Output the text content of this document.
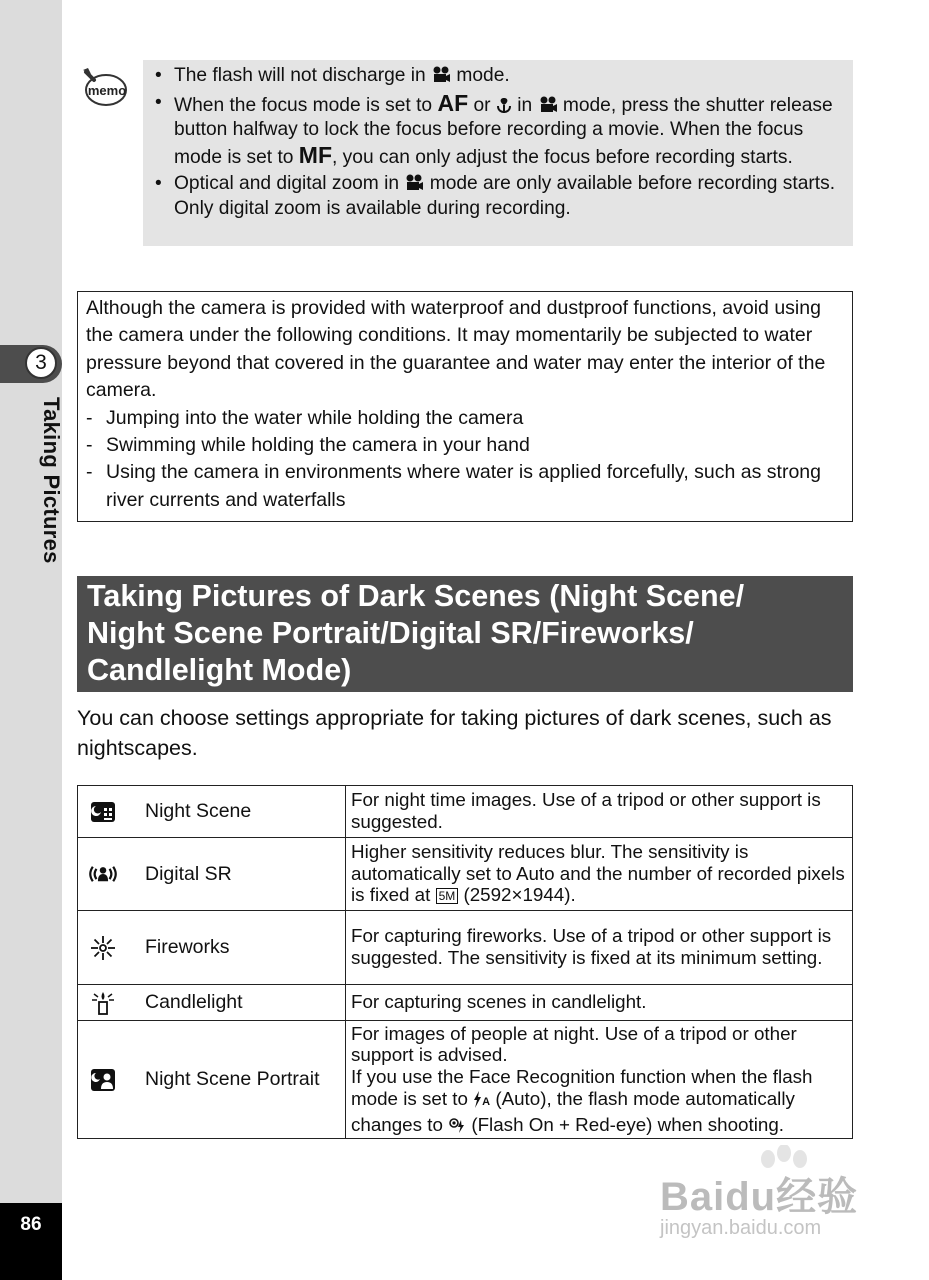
3
Taking Pictures
86
memo
• The flash will not discharge in mode.
• When the focus mode is set to AF or in mode, press the shutter release button halfway to lock the focus before recording a movie. When the focus mode is set to MF, you can only adjust the focus before recording starts.
• Optical and digital zoom in mode are only available before recording starts. Only digital zoom is available during recording.

Although the camera is provided with waterproof and dustproof functions, avoid using the camera under the following conditions. It may momentarily be subjected to water pressure beyond that covered in the guarantee and water may enter the interior of the camera.

- Jumping into the water while holding the camera
- Swimming while holding the camera in your hand
- Using the camera in environments where water is applied forcefully, such as strong river currents and waterfalls
Taking Pictures of Dark Scenes (Night Scene/
Night Scene Portrait/Digital SR/Fireworks/
Candlelight Mode)
You can choose settings appropriate for taking pictures of dark scenes, such as nightscapes.
Night Scene	For night time images. Use of a tripod or other support is suggested.

Digital SR	Higher sensitivity reduces blur. The sensitivity is automatically set to Auto and the number of recorded pixels is fixed at 5M (2592×1944).

Fireworks	For capturing fireworks. Use of a tripod or other support is suggested. The sensitivity is fixed at its minimum setting.

Candlelight	For capturing scenes in candlelight.

Night Scene Portrait	For images of people at night. Use of a tripod or other support is advised.
If you use the Face Recognition function when the flash mode is set to A (Auto), the flash mode automatically changes to (Flash On + Red-eye) when shooting.
Baidu经验
jingyan.baidu.com
